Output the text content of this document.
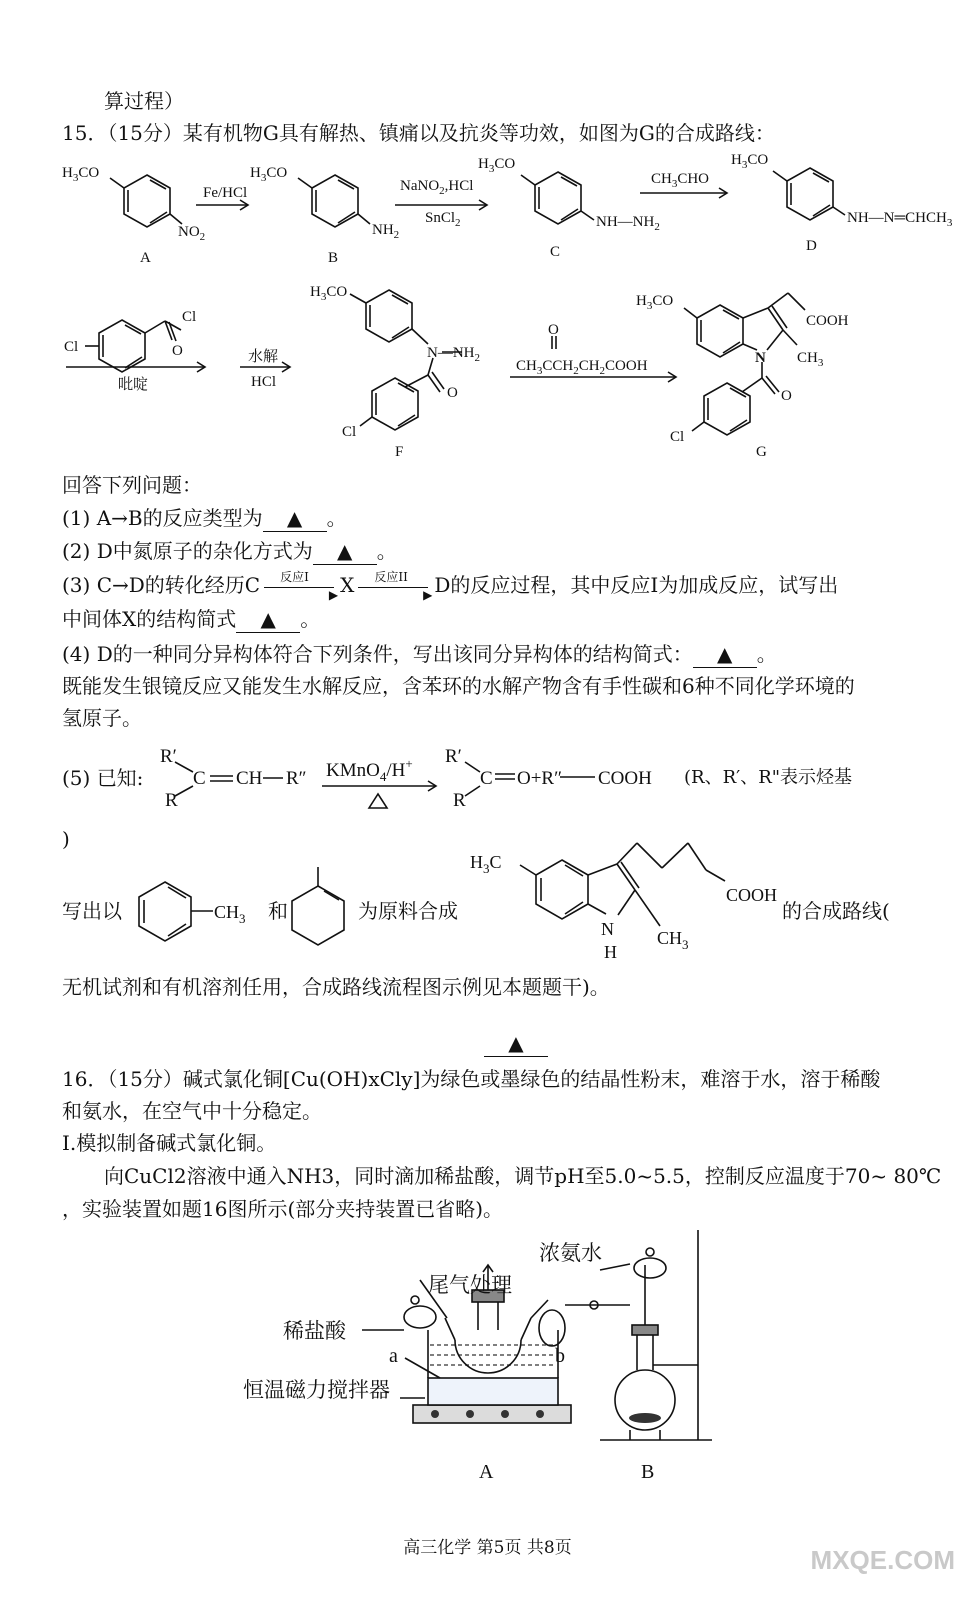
算过程）
15．（15分）某有机物G具有解热、镇痛以及抗炎等功效，如图为G的合成路线：
$H_3CO$
$NO_2$
A
Fe/HCl
$H_3CO$
$NH_2$
B
NaNO$_2$,HCl
SnCl$_2$
$H_3CO$
$NH—NH_2$
C
$CH_3CHO$
$H_3CO$
$NH—N═CHCH_3$
D
Cl
Cl
O
吡啶
水解
HCl
$H_3CO$
$N—NH_2$
O
Cl
F
O
$CH_3CCH_2CH_2COOH$
$H_3CO$
COOH
$CH_3$
N
O
Cl
G
回答下列问题：
(1) A→B的反应类型为 ▲ 。
(2) D中氮原子的杂化方式为 ▲ 。
(3) C→D的转化经历C 反应I
▶ X 反应II
▶ D的反应过程，其中反应I为加成反应，试写出
中间体X的结构简式 ▲ 。
(4) D的一种同分异构体符合下列条件，写出该同分异构体的结构简式： ▲ 。
既能发生银镜反应又能发生水解反应，含苯环的水解产物含有手性碳和6种不同化学环境的
氢原子。
(5) 已知:
R′
C
R
CH R″ KMnO$_4$/H+ R′
C
R
O+R″ COOH (R、R′、R"表示烃基
)
写出以	和	为原料合成	的合成路线(
$CH_3$
$H_3C$
COOH
N
H
$CH_3$
无机试剂和有机溶剂任用，合成路线流程图示例见本题题干)。
▲
16．（15分）碱式氯化铜[Cu(OH)xCly]为绿色或墨绿色的结晶性粉末，难溶于水，溶于稀酸
和氨水，在空气中十分稳定。
Ⅰ.模拟制备碱式氯化铜。
向CuCl2溶液中通入NH3，同时滴加稀盐酸，调节pH至5.0~5.5，控制反应温度于70~ 80℃
，实验装置如题16图所示(部分夹持装置已省略)。
浓氨水
尾气处理
稀盐酸
恒温磁力搅拌器
a	b
A	B
高三化学 第5页 共8页	MXQE.COM
